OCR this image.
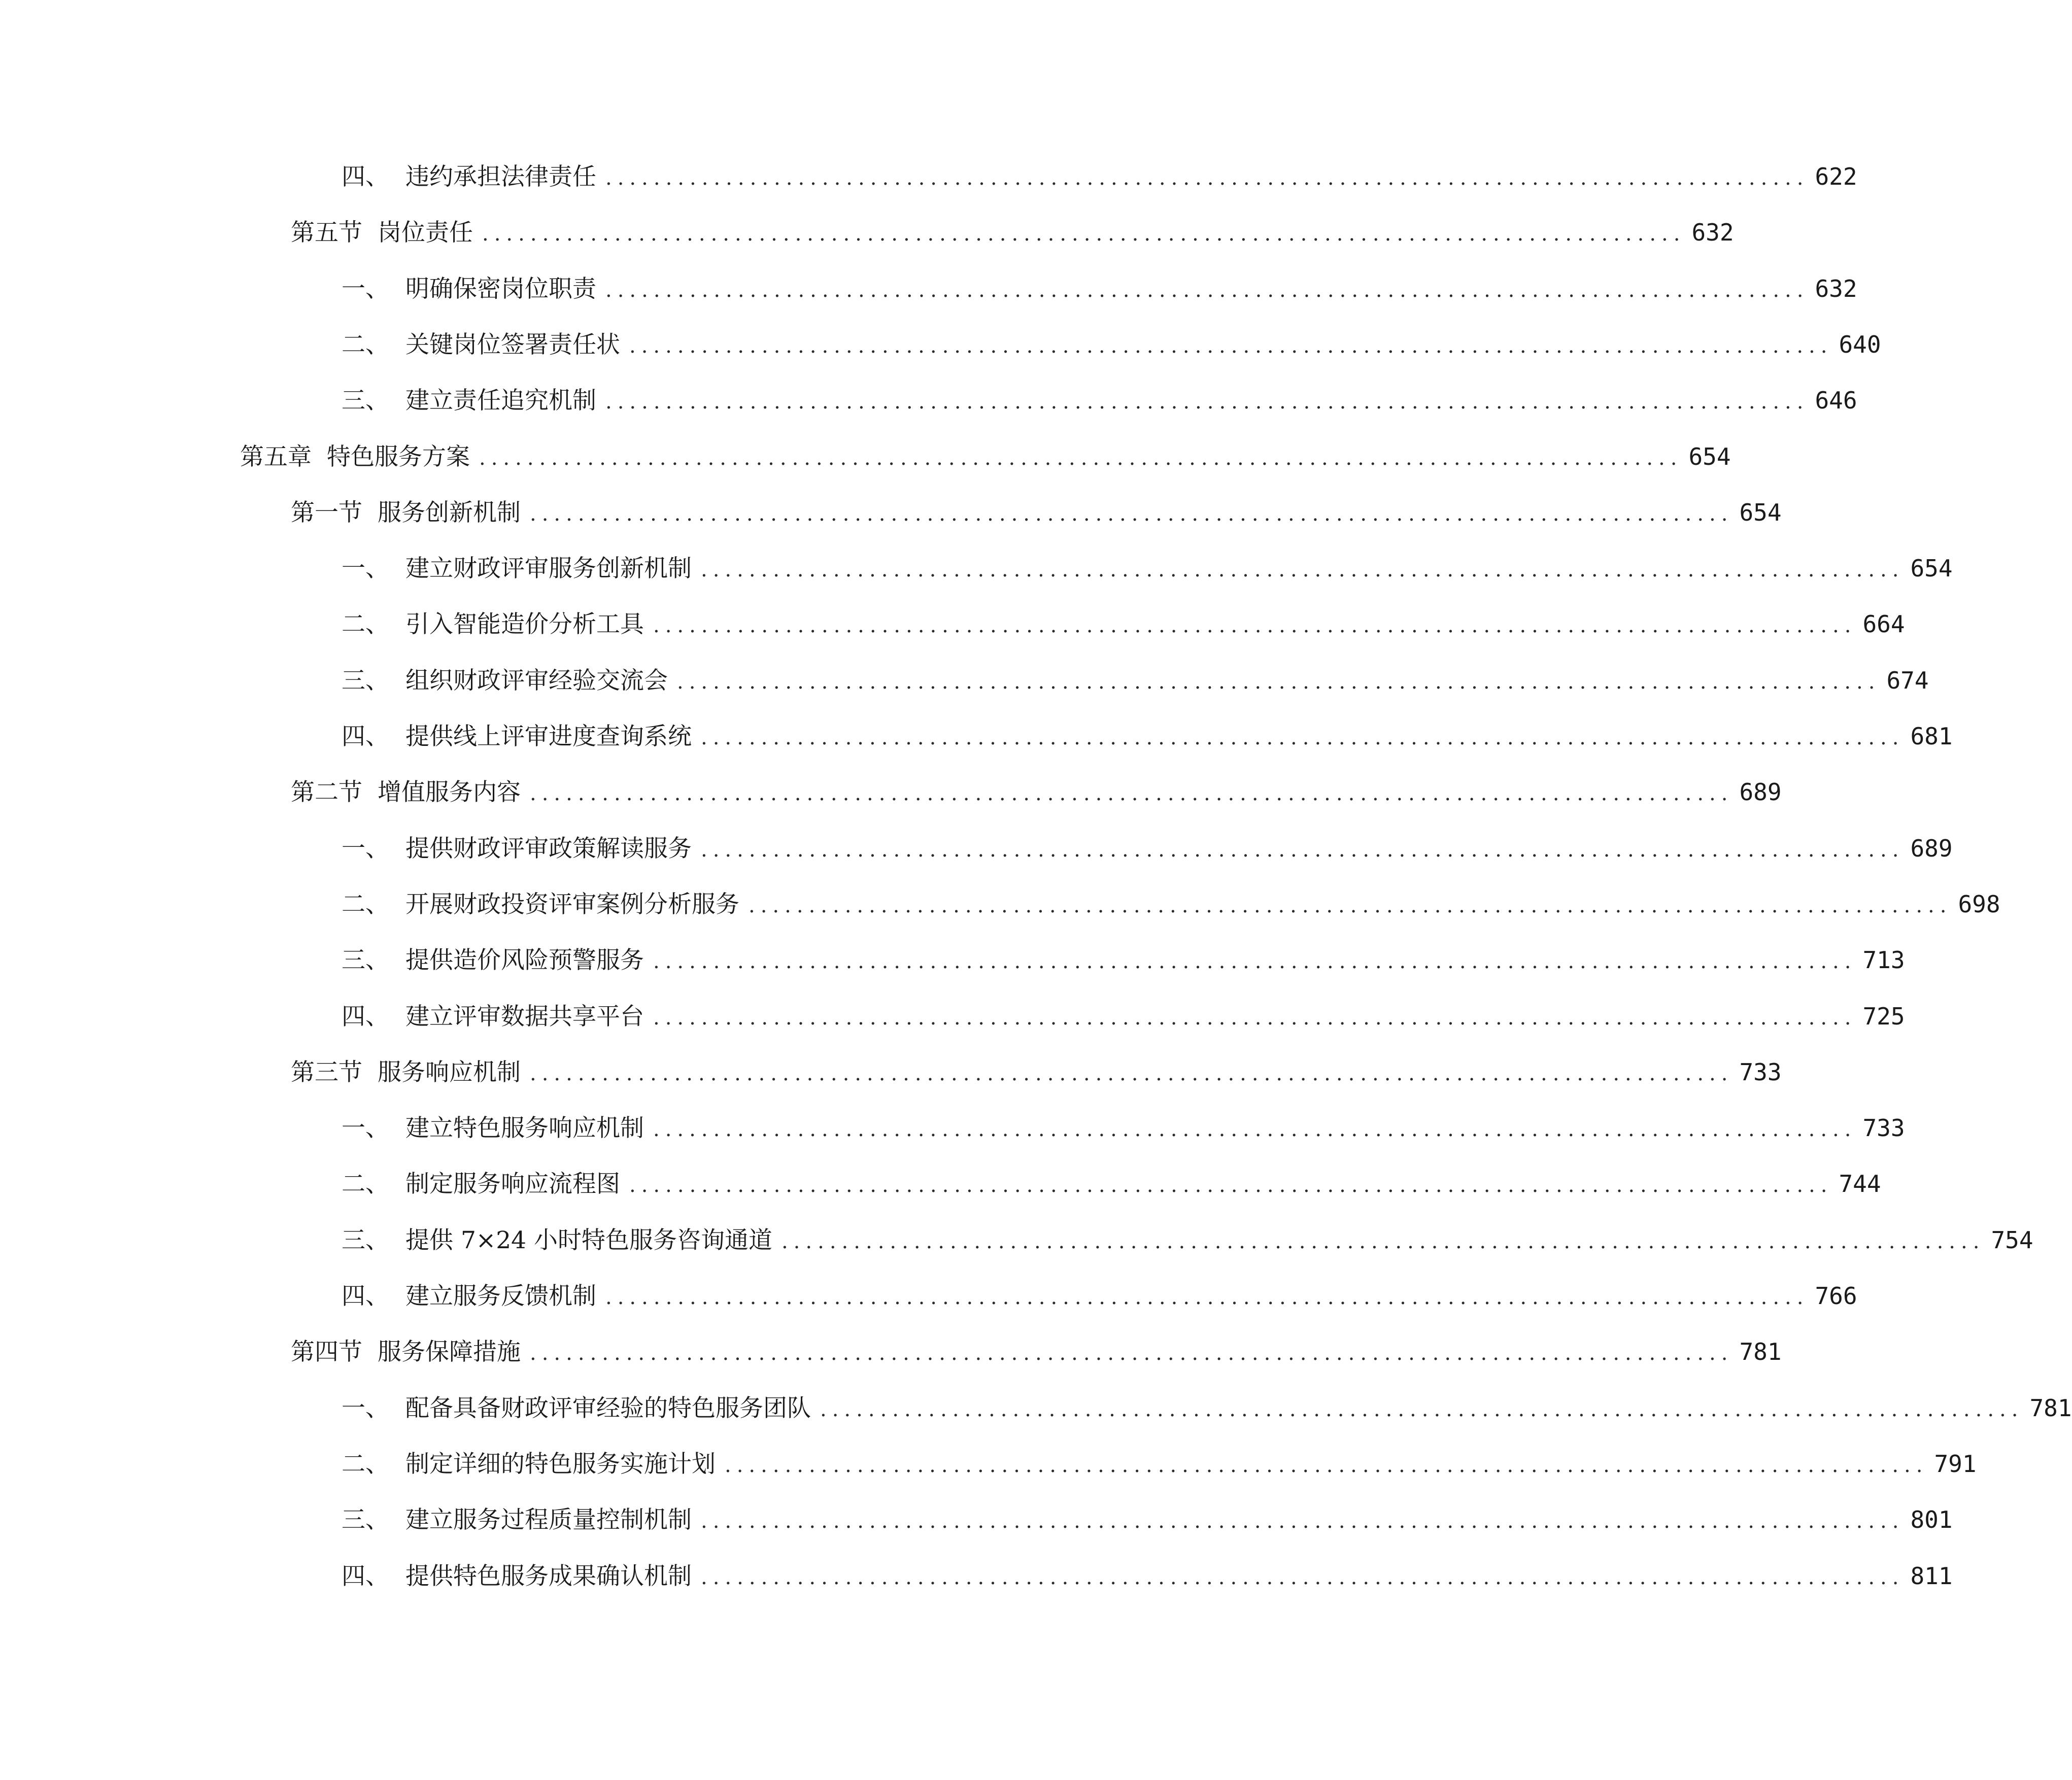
四、 违约承担法律责任 .................................................................................................... 622
第五节 岗位责任 .................................................................................................... 632
一、 明确保密岗位职责 .................................................................................................... 632
二、 关键岗位签署责任状 .................................................................................................... 640
三、 建立责任追究机制 .................................................................................................... 646
第五章 特色服务方案 .................................................................................................... 654
第一节 服务创新机制 .................................................................................................... 654
一、 建立财政评审服务创新机制 .................................................................................................... 654
二、 引入智能造价分析工具 .................................................................................................... 664
三、 组织财政评审经验交流会 .................................................................................................... 674
四、 提供线上评审进度查询系统 .................................................................................................... 681
第二节 增值服务内容 .................................................................................................... 689
一、 提供财政评审政策解读服务 .................................................................................................... 689
二、 开展财政投资评审案例分析服务 .................................................................................................... 698
三、 提供造价风险预警服务 .................................................................................................... 713
四、 建立评审数据共享平台 .................................................................................................... 725
第三节 服务响应机制 .................................................................................................... 733
一、 建立特色服务响应机制 .................................................................................................... 733
二、 制定服务响应流程图 .................................................................................................... 744
三、 提供 7×24 小时特色服务咨询通道 .................................................................................................... 754
四、 建立服务反馈机制 .................................................................................................... 766
第四节 服务保障措施 .................................................................................................... 781
一、 配备具备财政评审经验的特色服务团队 .................................................................................................... 781
二、 制定详细的特色服务实施计划 .................................................................................................... 791
三、 建立服务过程质量控制机制 .................................................................................................... 801
四、 提供特色服务成果确认机制 .................................................................................................... 811
